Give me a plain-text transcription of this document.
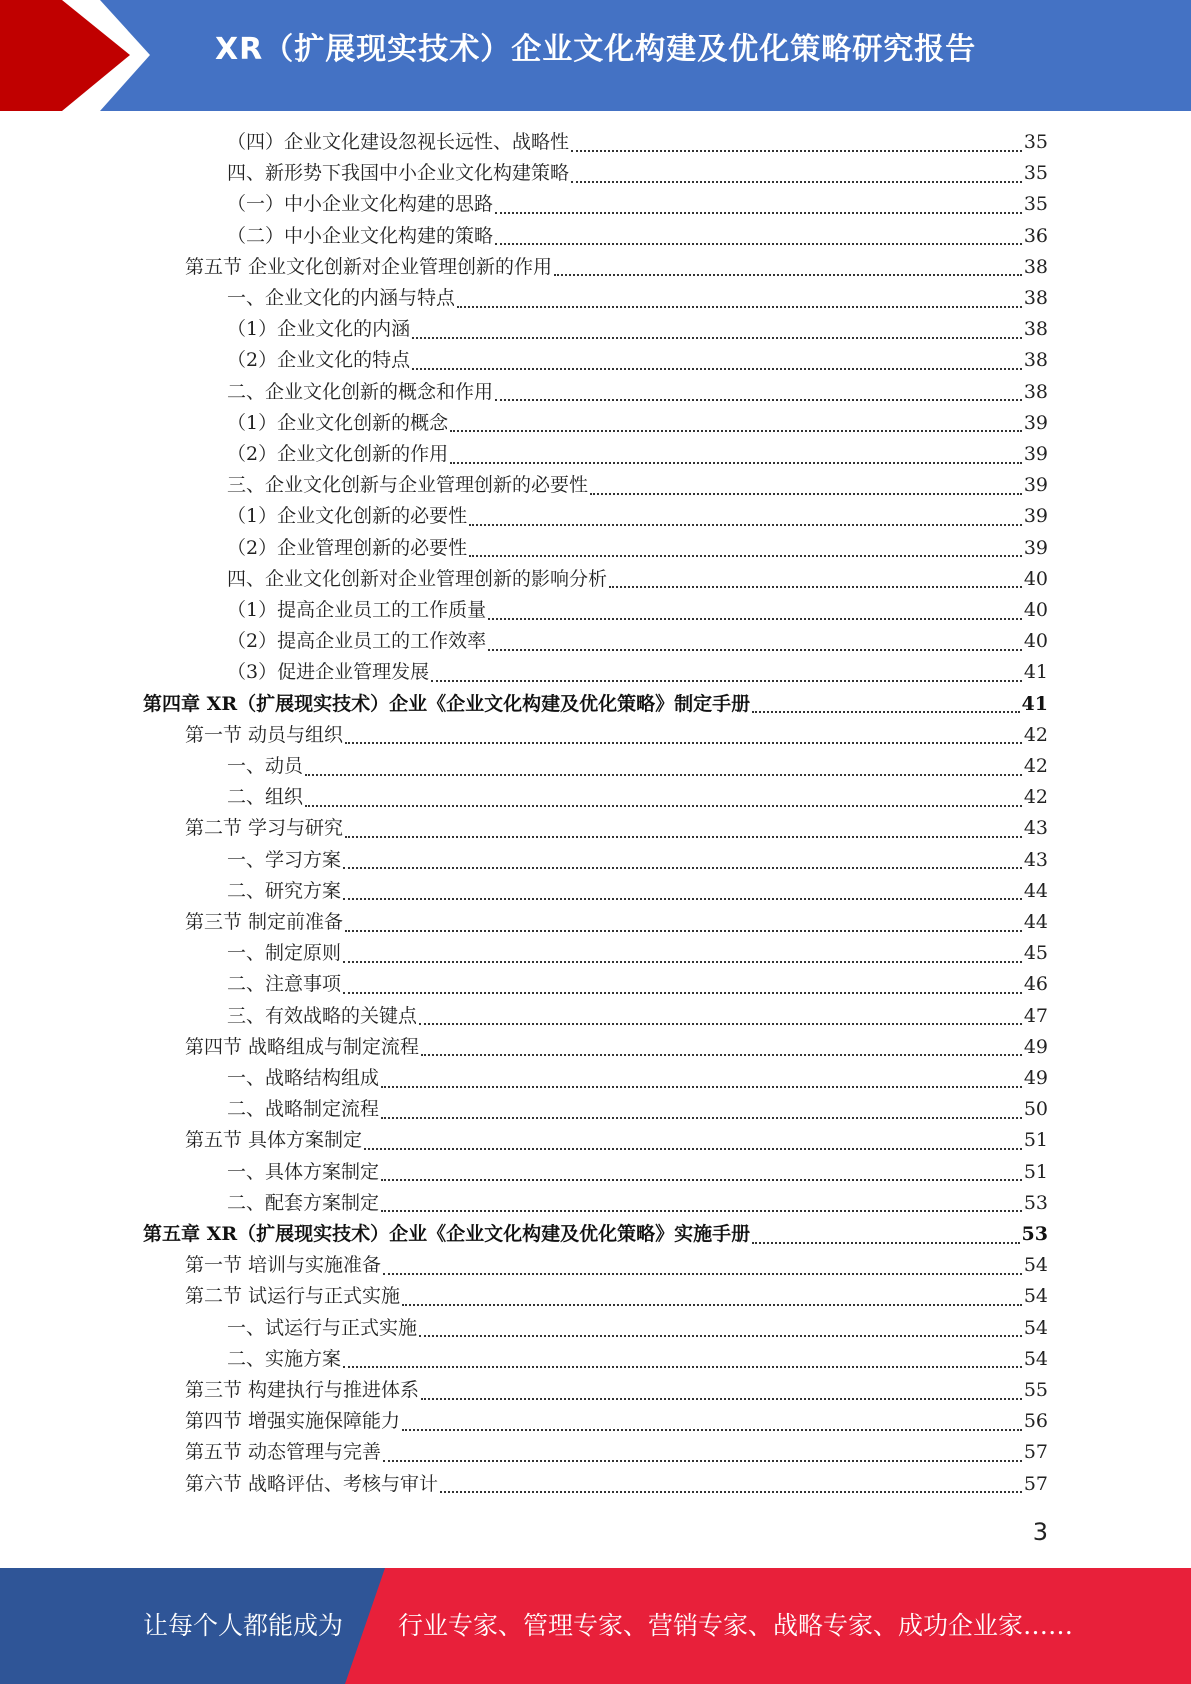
XR（扩展现实技术）企业文化构建及优化策略研究报告
（四）企业文化建设忽视长远性、战略性	35
四、新形势下我国中小企业文化构建策略	35
（一）中小企业文化构建的思路	35
（二）中小企业文化构建的策略	36
第五节 企业文化创新对企业管理创新的作用	38
一、企业文化的内涵与特点	38
（1）企业文化的内涵	38
（2）企业文化的特点	38
二、企业文化创新的概念和作用	38
（1）企业文化创新的概念	39
（2）企业文化创新的作用	39
三、企业文化创新与企业管理创新的必要性	39
（1）企业文化创新的必要性	39
（2）企业管理创新的必要性	39
四、企业文化创新对企业管理创新的影响分析	40
（1）提高企业员工的工作质量	40
（2）提高企业员工的工作效率	40
（3）促进企业管理发展	41
第四章 XR（扩展现实技术）企业《企业文化构建及优化策略》制定手册	41
第一节 动员与组织	42
一、动员	42
二、组织	42
第二节 学习与研究	43
一、学习方案	43
二、研究方案	44
第三节 制定前准备	44
一、制定原则	45
二、注意事项	46
三、有效战略的关键点	47
第四节 战略组成与制定流程	49
一、战略结构组成	49
二、战略制定流程	50
第五节 具体方案制定	51
一、具体方案制定	51
二、配套方案制定	53
第五章 XR（扩展现实技术）企业《企业文化构建及优化策略》实施手册	53
第一节 培训与实施准备	54
第二节 试运行与正式实施	54
一、试运行与正式实施	54
二、实施方案	54
第三节 构建执行与推进体系	55
第四节 增强实施保障能力	56
第五节 动态管理与完善	57
第六节 战略评估、考核与审计	57
3
让每个人都能成为 行业专家、管理专家、营销专家、战略专家、成功企业家……
